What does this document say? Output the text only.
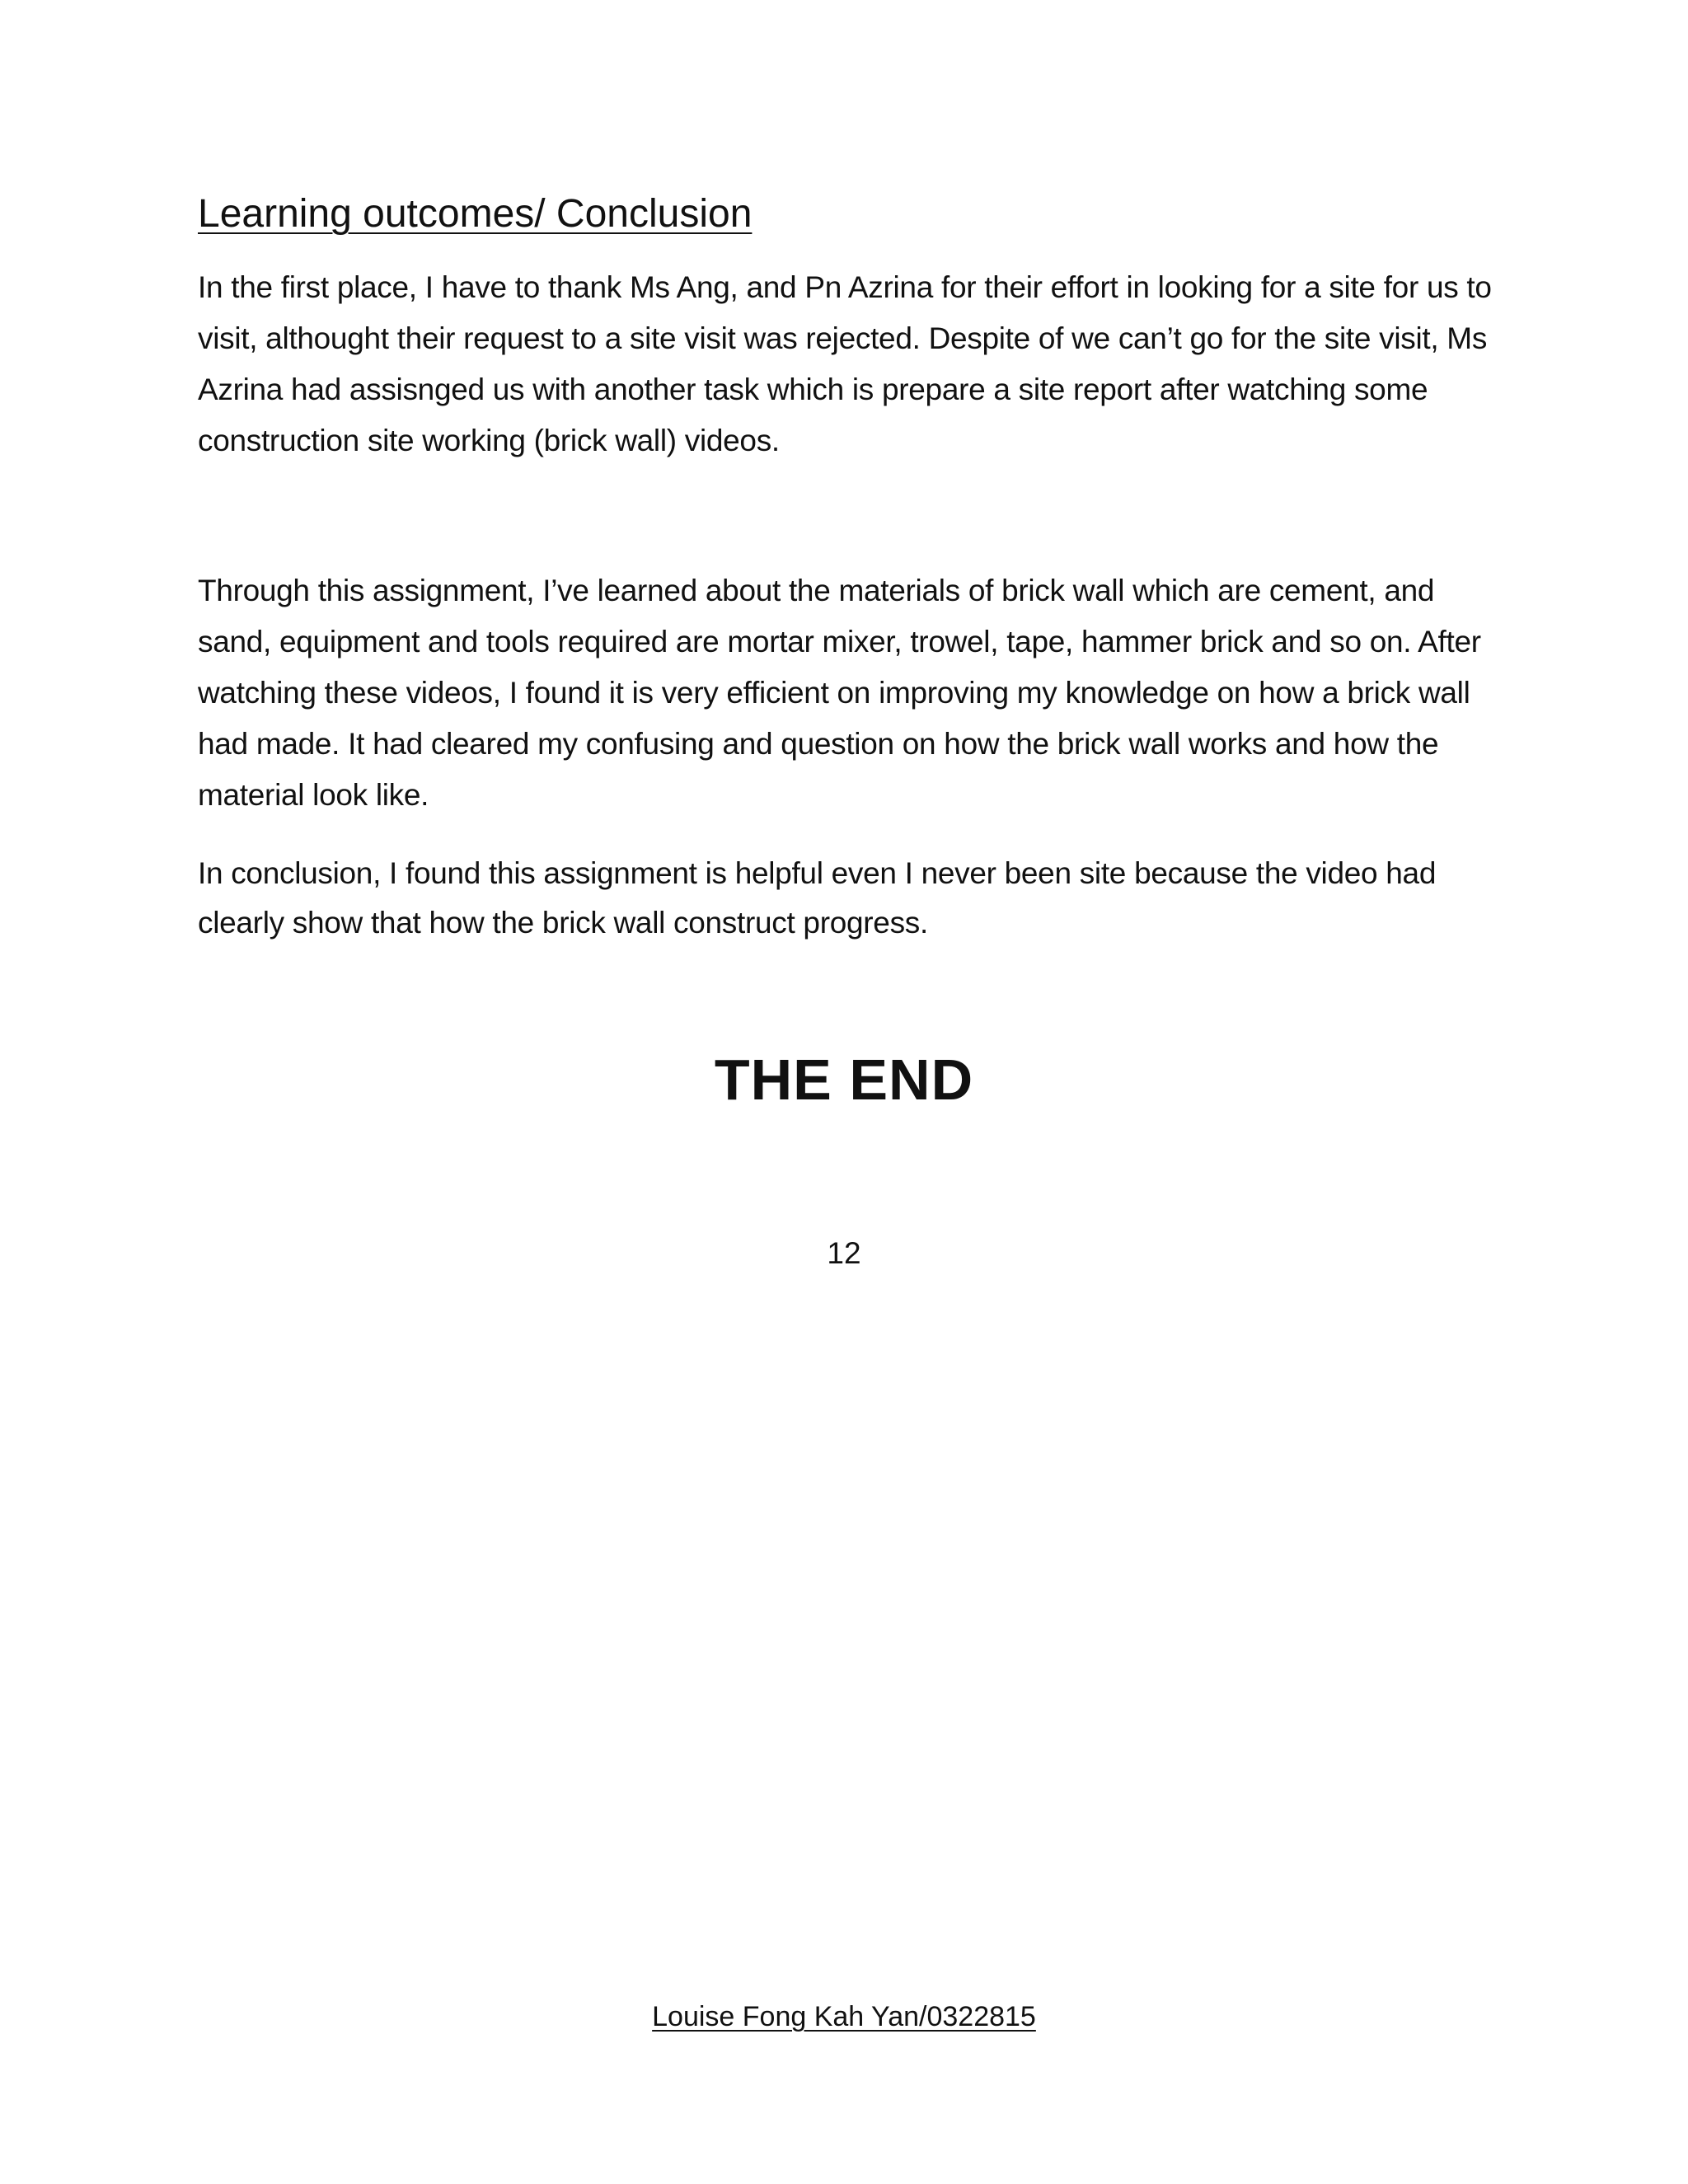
Learning outcomes/ Conclusion

In the first place, I have to thank Ms Ang, and Pn Azrina for their effort in looking for a site for us to visit, althought their request to a site visit was rejected. Despite of we can’t go for the site visit, Ms Azrina had assisnged us with another task which is prepare a site report after watching some construction site working (brick wall) videos.

Through this assignment, I’ve learned about the materials of brick wall which are cement, and sand, equipment and tools required are mortar mixer, trowel, tape, hammer brick and so on. After watching these videos, I found it is very efficient on improving my knowledge on how a brick wall had made. It had cleared my confusing and question on how the brick wall works and how the material look like.

In conclusion, I found this assignment is helpful even I never been site because the video had clearly show that how the brick wall construct progress.

THE END
12
Louise Fong Kah Yan/0322815
